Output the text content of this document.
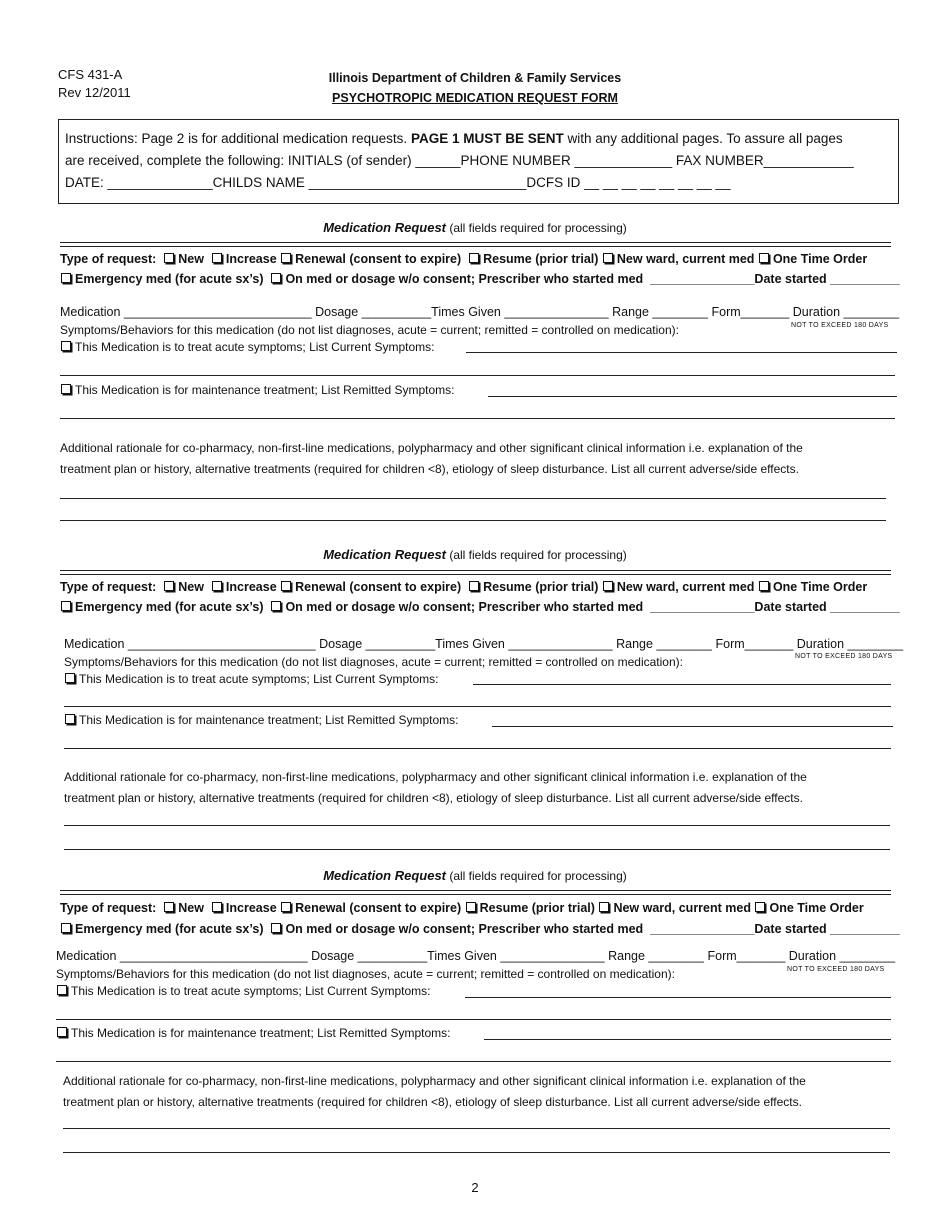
CFS 431-A
Rev 12/2011
Illinois Department of Children & Family Services
PSYCHOTROPIC MEDICATION REQUEST FORM
Instructions: Page 2 is for additional medication requests. PAGE 1 MUST BE SENT with any additional pages. To assure all pages
are received, complete the following: INITIALS (of sender) ______PHONE NUMBER _____________ FAX NUMBER____________
DATE: ______________CHILDS NAME _____________________________DCFS ID __ __ __ __ __ __ __ __
Medication Request (all fields required for processing)
Type of request: New Increase Renewal (consent to expire) Resume (prior trial) New ward, current med One Time Order
Emergency med (for acute sx’s) On med or dosage w/o consent; Prescriber who started med _______________Date started __________
Medication ___________________________ Dosage __________Times Given _______________ Range ________ Form_______ Duration ________
NOT TO EXCEED 180 DAYS
Symptoms/Behaviors for this medication (do not list diagnoses, acute = current; remitted = controlled on medication):
This Medication is to treat acute symptoms; List Current Symptoms:
This Medication is for maintenance treatment; List Remitted Symptoms:
Additional rationale for co-pharmacy, non-first-line medications, polypharmacy and other significant clinical information i.e. explanation of the
treatment plan or history, alternative treatments (required for children <8), etiology of sleep disturbance. List all current adverse/side effects.
Medication Request (all fields required for processing)
Type of request: New Increase Renewal (consent to expire) Resume (prior trial) New ward, current med One Time Order
Emergency med (for acute sx’s) On med or dosage w/o consent; Prescriber who started med _______________Date started __________
Medication ___________________________ Dosage __________Times Given _______________ Range ________ Form_______ Duration ________
NOT TO EXCEED 180 DAYS
Symptoms/Behaviors for this medication (do not list diagnoses, acute = current; remitted = controlled on medication):
This Medication is to treat acute symptoms; List Current Symptoms:
This Medication is for maintenance treatment; List Remitted Symptoms:
Additional rationale for co-pharmacy, non-first-line medications, polypharmacy and other significant clinical information i.e. explanation of the
treatment plan or history, alternative treatments (required for children <8), etiology of sleep disturbance. List all current adverse/side effects.
Medication Request (all fields required for processing)
Type of request: New Increase Renewal (consent to expire) Resume (prior trial) New ward, current med One Time Order
Emergency med (for acute sx’s) On med or dosage w/o consent; Prescriber who started med _______________Date started __________
Medication ___________________________ Dosage __________Times Given _______________ Range ________ Form_______ Duration ________
NOT TO EXCEED 180 DAYS
Symptoms/Behaviors for this medication (do not list diagnoses, acute = current; remitted = controlled on medication):
This Medication is to treat acute symptoms; List Current Symptoms:
This Medication is for maintenance treatment; List Remitted Symptoms:
Additional rationale for co-pharmacy, non-first-line medications, polypharmacy and other significant clinical information i.e. explanation of the
treatment plan or history, alternative treatments (required for children <8), etiology of sleep disturbance. List all current adverse/side effects.
2
